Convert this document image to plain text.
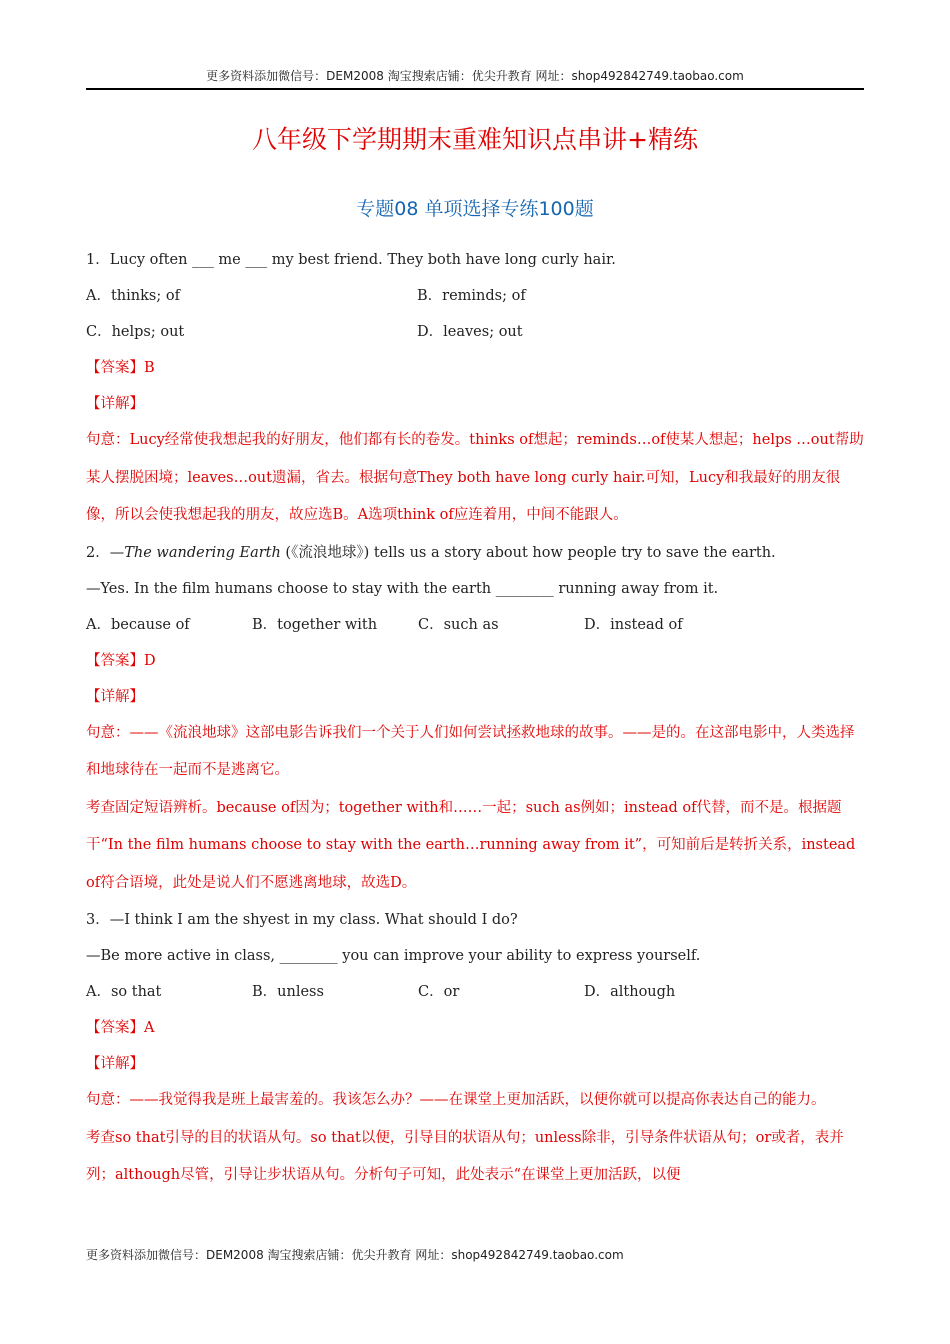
更多资料添加微信号：DEM2008 淘宝搜索店铺：优尖升教育 网址：shop492842749.taobao.com
八年级下学期期末重难知识点串讲+精练
专题08 单项选择专练100题
1．Lucy often ___ me ___ my best friend. They both have long curly hair.
A．thinks; of	B．reminds; of
C．helps; out	D．leaves; out
【答案】B
【详解】
句意：Lucy经常使我想起我的好朋友，他们都有长的卷发。thinks of想起；reminds…of使某人想起；helps …out帮助某人摆脱困境；leaves…out遗漏，省去。根据句意They both have long curly hair.可知，Lucy和我最好的朋友很像，所以会使我想起我的朋友，故应选B。A选项think of应连着用，中间不能跟人。
2．—The wandering Earth (《流浪地球》) tells us a story about how people try to save the earth.
—Yes. In the film humans choose to stay with the earth ________ running away from it.
A．because of	B．together with	C．such as	D．instead of
【答案】D
【详解】
句意：——《流浪地球》这部电影告诉我们一个关于人们如何尝试拯救地球的故事。——是的。在这部电影中，人类选择和地球待在一起而不是逃离它。
考查固定短语辨析。because of因为；together with和……一起；such as例如；instead of代替，而不是。根据题干“In the film humans choose to stay with the earth…running away from it”，可知前后是转折关系，instead of符合语境，此处是说人们不愿逃离地球，故选D。
3．—I think I am the shyest in my class. What should I do?
—Be more active in class, ________ you can improve your ability to express yourself.
A．so that	B．unless	C．or	D．although
【答案】A
【详解】
句意：——我觉得我是班上最害羞的。我该怎么办？——在课堂上更加活跃，以便你就可以提高你表达自己的能力。
考查so that引导的目的状语从句。so that以便，引导目的状语从句；unless除非，引导条件状语从句；or或者，表并列；although尽管，引导让步状语从句。分析句子可知，此处表示“在课堂上更加活跃，以便
更多资料添加微信号：DEM2008 淘宝搜索店铺：优尖升教育 网址：shop492842749.taobao.com
